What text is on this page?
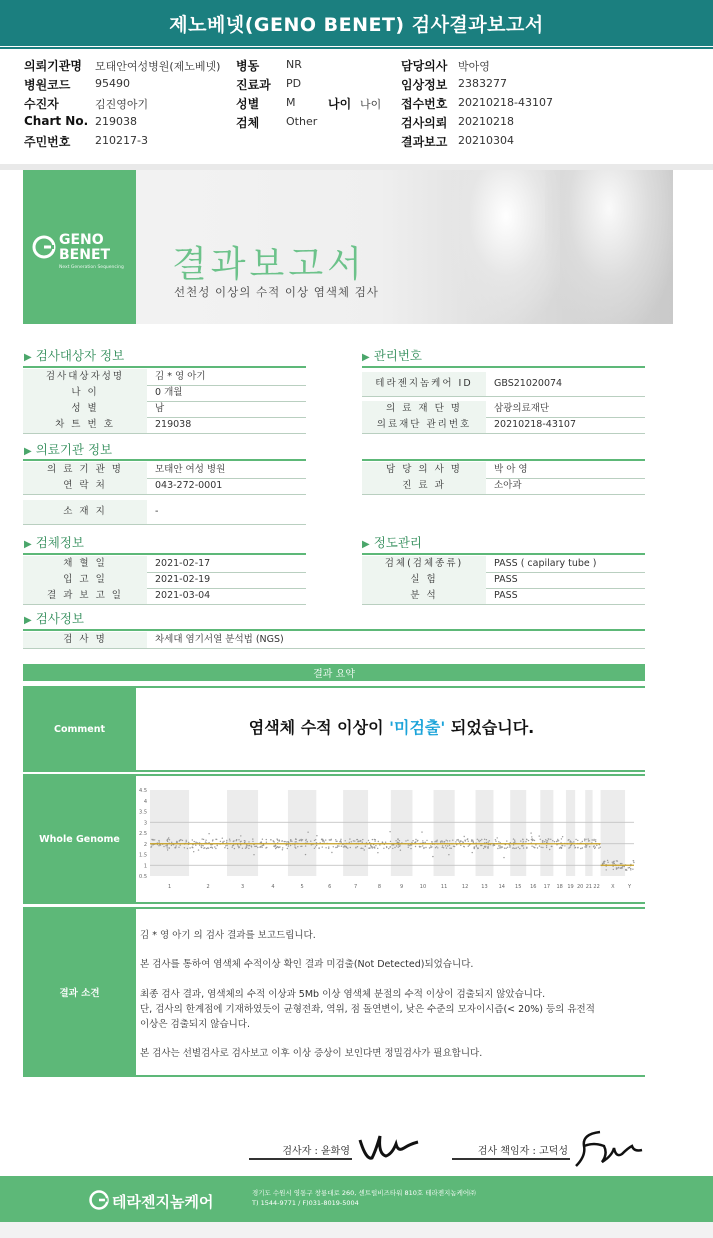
제노베넷(GENO BENET) 검사결과보고서
의뢰기관명 모태안여성병원(제노베넷) 병동 NR	담당의사 박아영
병원코드 95490	진료과 PD	임상정보 2383277
수진자	김진영아기	성별 M	나이 나이 접수번호 20210218-43107
Chart No. 219038	검체 Other	검사의뢰 20210218
주민번호 210217-3	결과보고 20210304
GENO
BENET
Next Generation Sequencing 결과보고서
선천성 이상의 수적 이상 염색체 검사
▶ 검사대상자 정보
검사대상자성명	김 * 영 아기
나 이	0 개월
성 별	남
차 트 번 호	219038
▶ 관리번호
테라젠지놈케어 ID	GBS21020074
의 료 재 단 명	삼광의료재단
의료재단 관리번호	20210218-43107
▶ 의료기관 정보
의 료 기 관 명	모태안 여성 병원
연 락 처	043-272-0001
소 재 지	-
담 당 의 사 명	박 아 영
진 료 과	소아과
▶ 검체정보
채 혈 일	2021-02-17
입 고 일	2021-02-19
결 과 보 고 일	2021-03-04
▶ 정도관리
검체(검체종류)	PASS ( capilary tube )
실 험	PASS
분 석	PASS
▶ 검사정보
검 사 명	차세대 염기서열 분석법 (NGS)
결과 요약
Comment	염색체 수적 이상이 '미검출' 되었습니다.
Whole Genome
4.5
4
3.5
3
2.5
2
1.5
1
0.5
1	2	3	4	5	6	7	8	9	10	11	12	13 14 15 16 17 18 19 20 21 22 X	Y
결과 소견
김 * 영 아기 의 검사 결과를 보고드립니다.
본 검사를 통하여 염색체 수적이상 확인 결과 미검출(Not Detected)되었습니다.
최종 검사 결과, 염색체의 수적 이상과 5Mb 이상 염색체 분절의 수적 이상이 검출되지 않았습니다.
단, 검사의 한계점에 기재하였듯이 균형전좌, 역위, 점 돌연변이, 낮은 수준의 모자이시즘(< 20%) 등의 유전적
이상은 검출되지 않습니다.
본 검사는 선별검사로 검사보고 이후 이상 증상이 보인다면 정밀검사가 필요합니다.
검사자 : 윤화영	검사 책임자 : 고덕성
테라젠지놈케어	경기도 수원시 영통구 창룡대로 260, 센트럴비즈타워 810호 테라젠지놈케어㈜
T) 1544-9771 / F)031-8019-5004
